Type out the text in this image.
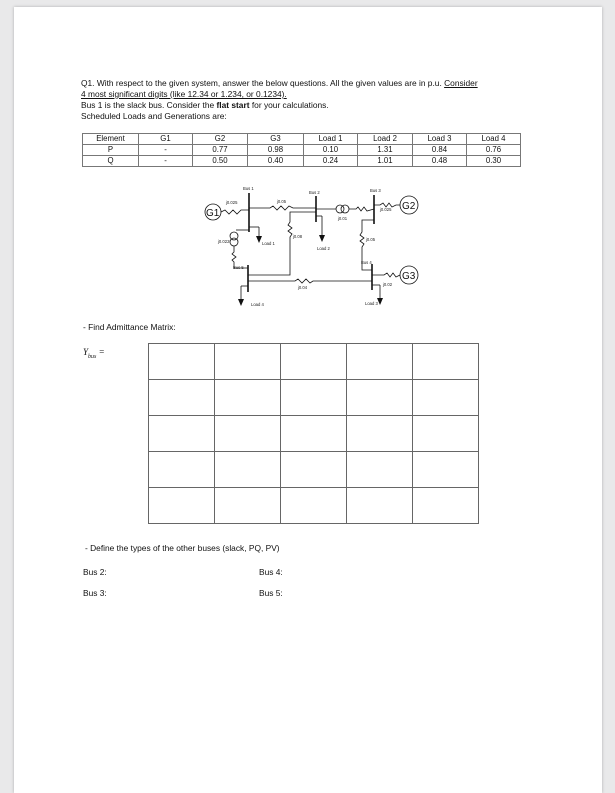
Q1. With respect to the given system, answer the below questions. All the given values are in p.u. Consider
4 most significant digits (like 12.34 or 1.234, or 0.1234).
Bus 1 is the slack bus. Consider the flat start for your calculations.
Scheduled Loads and Generations are:
Element	G1	G2	G3	Load 1	Load 2	Load 3	Load 4
P	-	0.77	0.98	0.10	1.31	0.84	0.76
Q	-	0.50	0.40	0.24	1.01	0.48	0.30
G1
G2
G3
Bus 1
Bus 2	Bus 3
Bus 4
Bus 5
j0.025	j0.05
j0.01
j0.025
j0.022
j0.08
j0.05
j0.04
j0.02
Load 1
Load 2
Load 3
Load 4
- Find Admittance Matrix:
$Y_{bus}$ =

- Define the types of the other buses (slack, PQ, PV)
Bus 2:	Bus 4:
Bus 3:	Bus 5:
